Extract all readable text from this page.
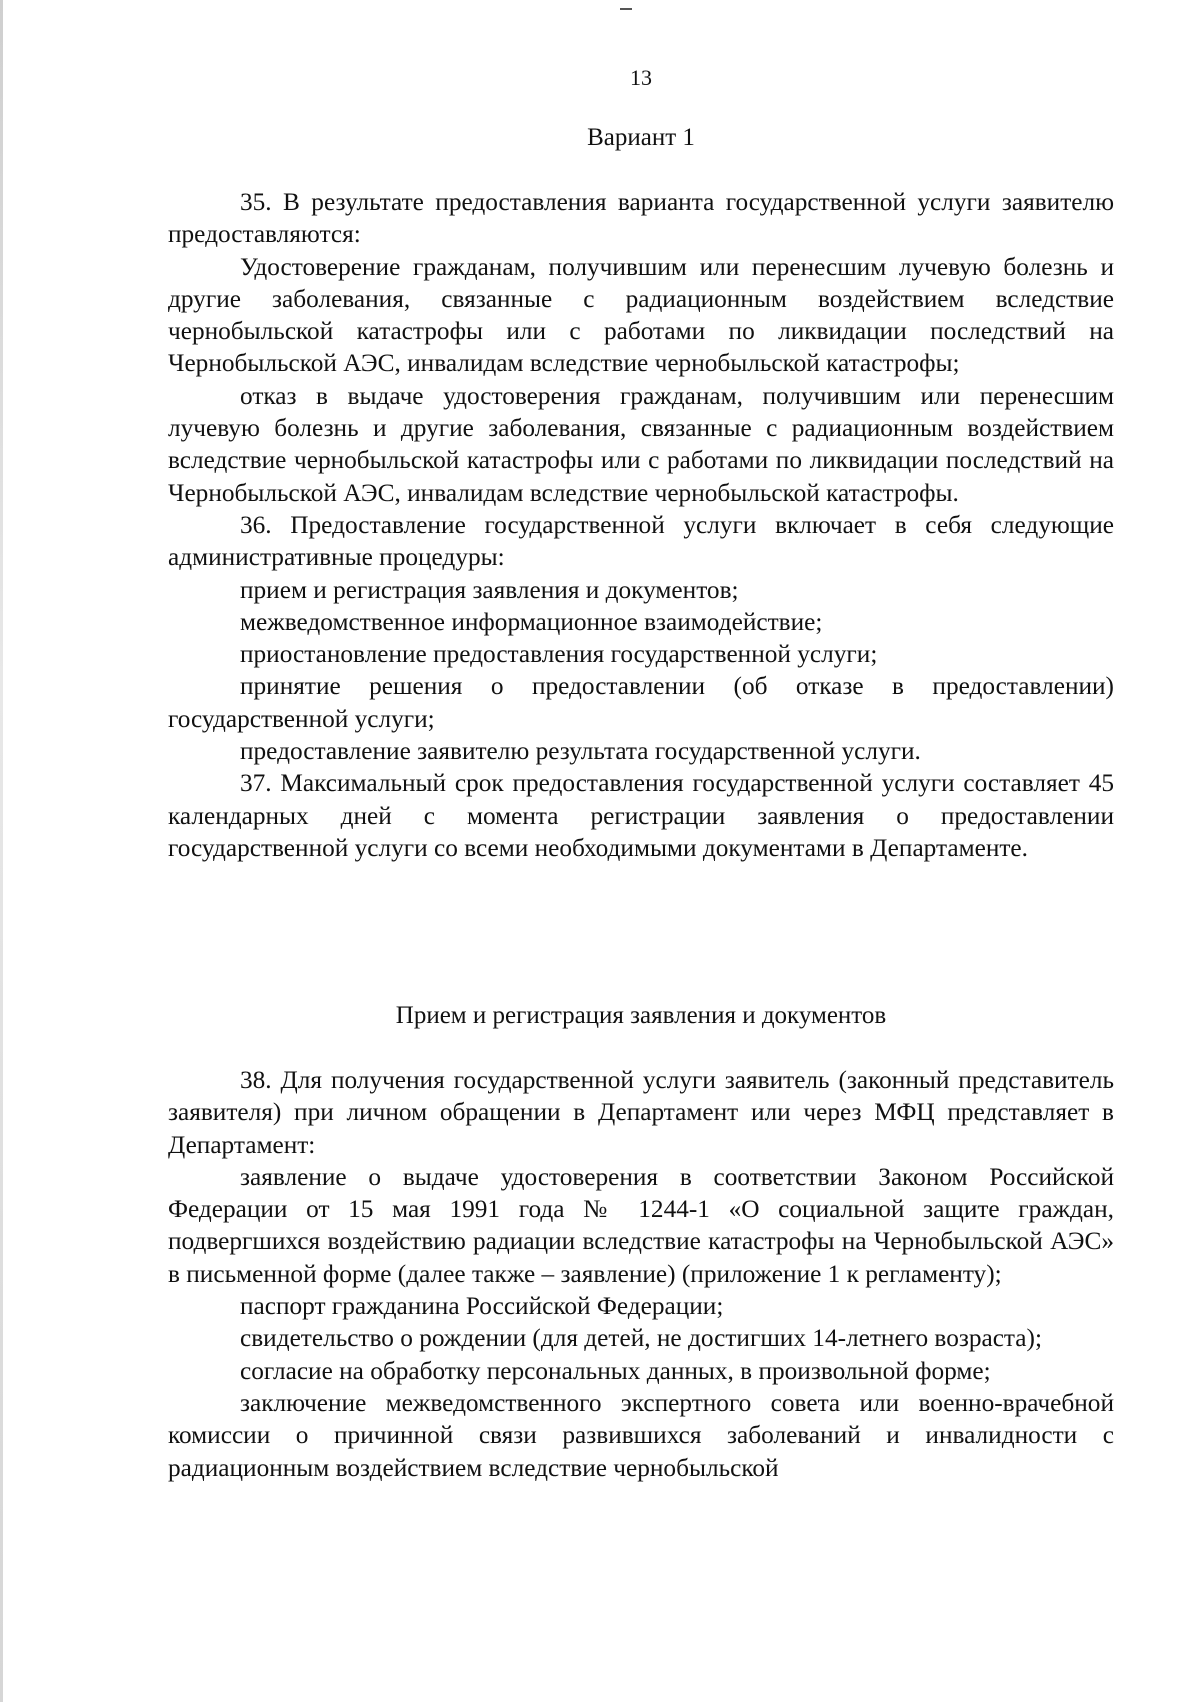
13

Вариант 1

35. В результате предоставления варианта государственной услуги заявителю предоставляются:

Удостоверение гражданам, получившим или перенесшим лучевую болезнь и другие заболевания, связанные с радиационным воздействием вследствие чернобыльской катастрофы или с работами по ликвидации последствий на Чернобыльской АЭС, инвалидам вследствие чернобыльской катастрофы;

отказ в выдаче удостоверения гражданам, получившим или перенесшим лучевую болезнь и другие заболевания, связанные с радиационным воздействием вследствие чернобыльской катастрофы или с работами по ликвидации последствий на Чернобыльской АЭС, инвалидам вследствие чернобыльской катастрофы.

36. Предоставление государственной услуги включает в себя следующие административные процедуры:

прием и регистрация заявления и документов;

межведомственное информационное взаимодействие;

приостановление предоставления государственной услуги;

принятие решения о предоставлении (об отказе в предоставлении) государственной услуги;

предоставление заявителю результата государственной услуги.

37. Максимальный срок предоставления государственной услуги составляет 45 календарных дней с момента регистрации заявления о предоставлении государственной услуги со всеми необходимыми документами в Департаменте.

Прием и регистрация заявления и документов

38. Для получения государственной услуги заявитель (законный представитель заявителя) при личном обращении в Департамент или через МФЦ представляет в Департамент:

заявление о выдаче удостоверения в соответствии Законом Российской Федерации от 15 мая 1991 года № 1244-1 «О социальной защите граждан, подвергшихся воздействию радиации вследствие катастрофы на Чернобыльской АЭС» в письменной форме (далее также – заявление) (приложение 1 к регламенту);

паспорт гражданина Российской Федерации;

свидетельство о рождении (для детей, не достигших 14-летнего возраста);

согласие на обработку персональных данных, в произвольной форме;

заключение межведомственного экспертного совета или военно-врачебной комиссии о причинной связи развившихся заболеваний и инвалидности с радиационным воздействием вследствие чернобыльской
